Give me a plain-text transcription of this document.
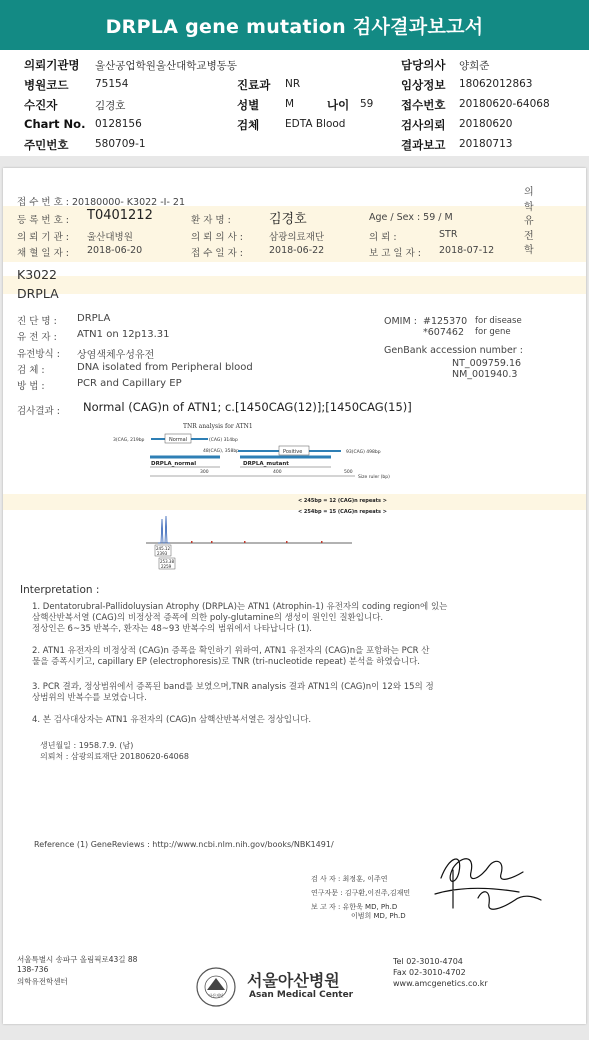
DRPLA gene mutation 검사결과보고서
의뢰기관명 울산공업학원울산대학교병동동	담당의사 양희준
병원코드	75154	진료과 NR	임상정보 18062012863
수진자	김경호	성별 M	나이 59 접수번호 20180620-64068
Chart No. 0128156	검체 EDTA Blood	검사의뢰 20180620
주민번호	580709-1	결과보고 20180713
접 수 번 호 : 20180000- K3022 -I- 21
등 록 번 호 : T0401212	환 자 명 :	김경호	Age / Sex : 59 / M
의 뢰 기 관 : 울산대병원	의 뢰 의 사 :	삼광의료재단	의 뢰 :	STR
채 혈 일 자 : 2018-06-20	접 수 일 자 :	2018-06-22	보 고 일 자 : 2018-07-12
의
학
유
전
학
K3022
DRPLA
진 단 명 : DRPLA
유 전 자 : ATN1 on 12p13.31
유전방식 : 상염색체우성유전
검 체 :	DNA isolated from Peripheral blood
방 법 :	PCR and Capillary EP
OMIM : #125370 for disease
*607462 for gene
GenBank accession number :
NT_009759.16
NM_001940.3
검사결과 : Normal (CAG)n of ATN1; c.[1450CAG(12)];[1450CAG(15)]
TNR analysis for ATN1
Normal
3(CAG, 219bp	(CAG) 314bp
48(CAG), 358bp	Positive	93(CAG) 498bp
DRPLA_normal	DRPLA_mutant
300	400	500
Size ruler (bp)
< 245bp = 12 (CAG)n repeats >
< 254bp = 15 (CAG)n repeats >
245.12
2393
253.38
2259
Interpretation :
1. Dentatorubral-Pallidoluysian Atrophy (DRPLA)는 ATN1 (Atrophin-1) 유전자의 coding region에 있는
삼핵산반복서열 (CAG)의 비정상적 증폭에 의한 poly-glutamine의 생성이 원인인 질환입니다.
정상인은 6~35 반복수, 환자는 48~93 반복수의 범위에서 나타납니다 (1).
2. ATN1 유전자의 비정상적 (CAG)n 증폭을 확인하기 위하여, ATN1 유전자의 (CAG)n을 포함하는 PCR 산
물을 증폭시키고, capillary EP (electrophoresis)로 TNR (tri-nucleotide repeat) 분석을 하였습니다.
3. PCR 결과, 정상범위에서 증폭된 band를 보였으며,TNR analysis 결과 ATN1의 (CAG)n이 12와 15의 정
상범위의 반복수를 보였습니다.
4. 본 검사대상자는 ATN1 유전자의 (CAG)n 삼핵산반복서열은 정상입니다.
생년월일 : 1958.7.9. (남)
의뢰처 : 삼광의료재단 20180620-64068
Reference (1) GeneReviews : http://www.ncbi.nlm.nih.gov/books/NBK1491/
검 사 자 : 최정훈, 이주연
연구자문 : 김구환,이진주,김재민
보 고 자 : 유한욱 MD, Ph.D
이범희 MD, Ph.D
서울특별시 송파구 올림픽로43길 88
138-736
의학유전학센터
아산재단
서울아산병원
Asan Medical Center
Tel 02-3010-4704
Fax 02-3010-4702
www.amcgenetics.co.kr
